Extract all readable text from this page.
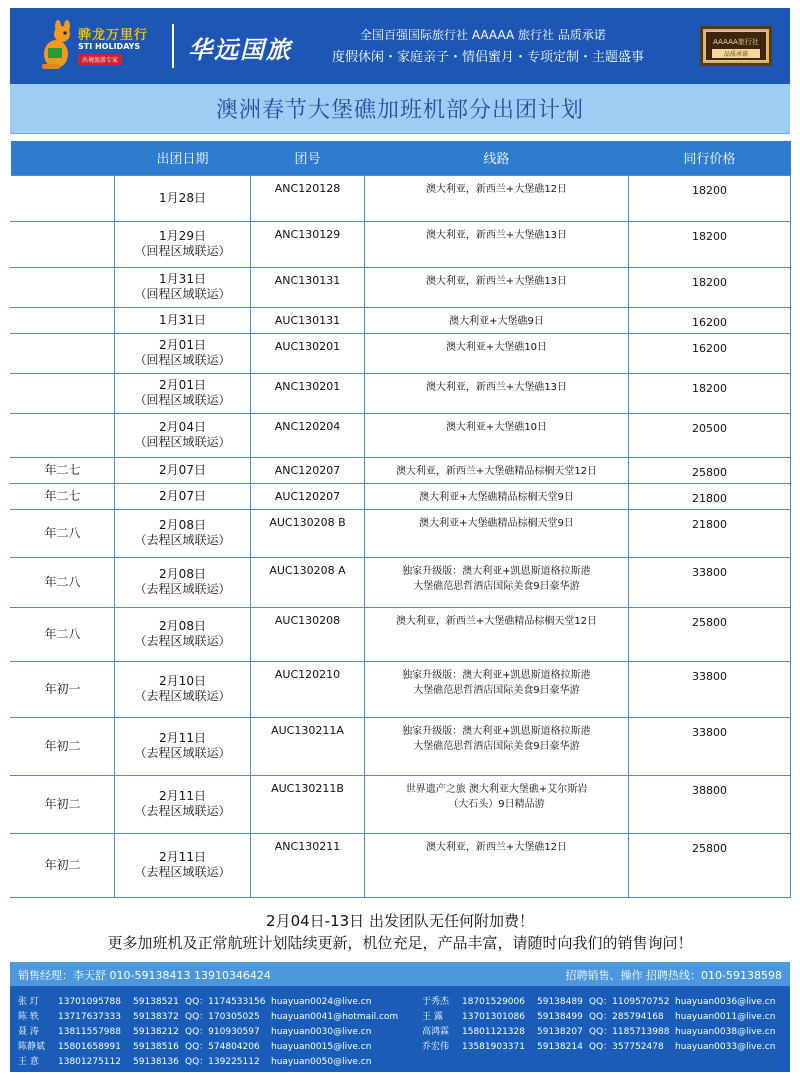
骅龙万里行
STI HOLIDAYS
出境旅游专家	华远国旅
全国百强国际旅行社 AAAAA 旅行社 品质承诺
度假休闲・家庭亲子・情侣蜜月・专项定制・主题盛事
AAAAA旅行社
品质承诺
澳洲春节大堡礁加班机部分出团计划
	出团日期	团号	线路	同行价格

	1月28日	ANC120128	澳大利亚，新西兰+大堡礁12日	18200

	1月29日
（回程区域联运）	ANC130129	澳大利亚，新西兰+大堡礁13日	18200

	1月31日
（回程区域联运）	ANC130131	澳大利亚，新西兰+大堡礁13日	18200

	1月31日	AUC130131	澳大利亚+大堡礁9日	16200

	2月01日
（回程区域联运）	AUC130201	澳大利亚+大堡礁10日	16200

	2月01日
（回程区域联运）	ANC130201	澳大利亚，新西兰+大堡礁13日	18200

	2月04日
（回程区域联运）	ANC120204	澳大利亚+大堡礁10日	20500

年二七	2月07日	ANC120207	澳大利亚，新西兰+大堡礁精品棕榈天堂12日	25800

年二七	2月07日	AUC120207	澳大利亚+大堡礁精品棕榈天堂9日	21800

年二八	2月08日
（去程区域联运）	AUC130208 B	澳大利亚+大堡礁精品棕榈天堂9日	21800

年二八	2月08日
（去程区域联运）	AUC130208 A	独家升级版：澳大利亚+凯恩斯道格拉斯港
大堡礁范思哲酒店国际美食9日豪华游	33800

年二八	2月08日
（去程区域联运）	AUC130208	澳大利亚，新西兰+大堡礁精品棕榈天堂12日	25800

年初一	2月10日
（去程区域联运）	AUC120210	独家升级版：澳大利亚+凯恩斯道格拉斯港
大堡礁范思哲酒店国际美食9日豪华游	33800

年初二	2月11日
（去程区域联运）	AUC130211A	独家升级版：澳大利亚+凯恩斯道格拉斯港
大堡礁范思哲酒店国际美食9日豪华游	33800

年初二	2月11日
（去程区域联运）	AUC130211B	世界遗产之旅 澳大利亚大堡礁+艾尔斯岩
（大石头）9日精品游	38800

年初二	2月11日
（去程区域联运）	ANC130211	澳大利亚，新西兰+大堡礁12日	25800
2月04日-13日 出发团队无任何附加费！
更多加班机及正常航班计划陆续更新，机位充足，产品丰富，请随时向我们的销售询问！
销售经理：李天舒 010-59138413 13910346424	招聘销售、操作 招聘热线：010-59138598
张 玎 13701095788 59138521 QQ：1174533156 huayuan0024@live.cn
陈 轶 13717637333 59138372 QQ：170305025 huayuan0041@hotmail.com
聂 涛 13811557988 59138212 QQ：910930597 huayuan0030@live.cn
陈静斌 15801658991 59138516 QQ：574804206 huayuan0015@live.cn
王 意 13801275112 59138136 QQ：139225112 huayuan0050@live.cn
于秀杰 18701529006 59138489 QQ：1109570752 huayuan0036@live.cn
王 露 13701301086 59138499 QQ：285794168 huayuan0011@live.cn
高鸿霖 15801121328 59138207 QQ：1185713988 huayuan0038@live.cn
乔宏伟 13581903371 59138214 QQ：357752478 huayuan0033@live.cn
